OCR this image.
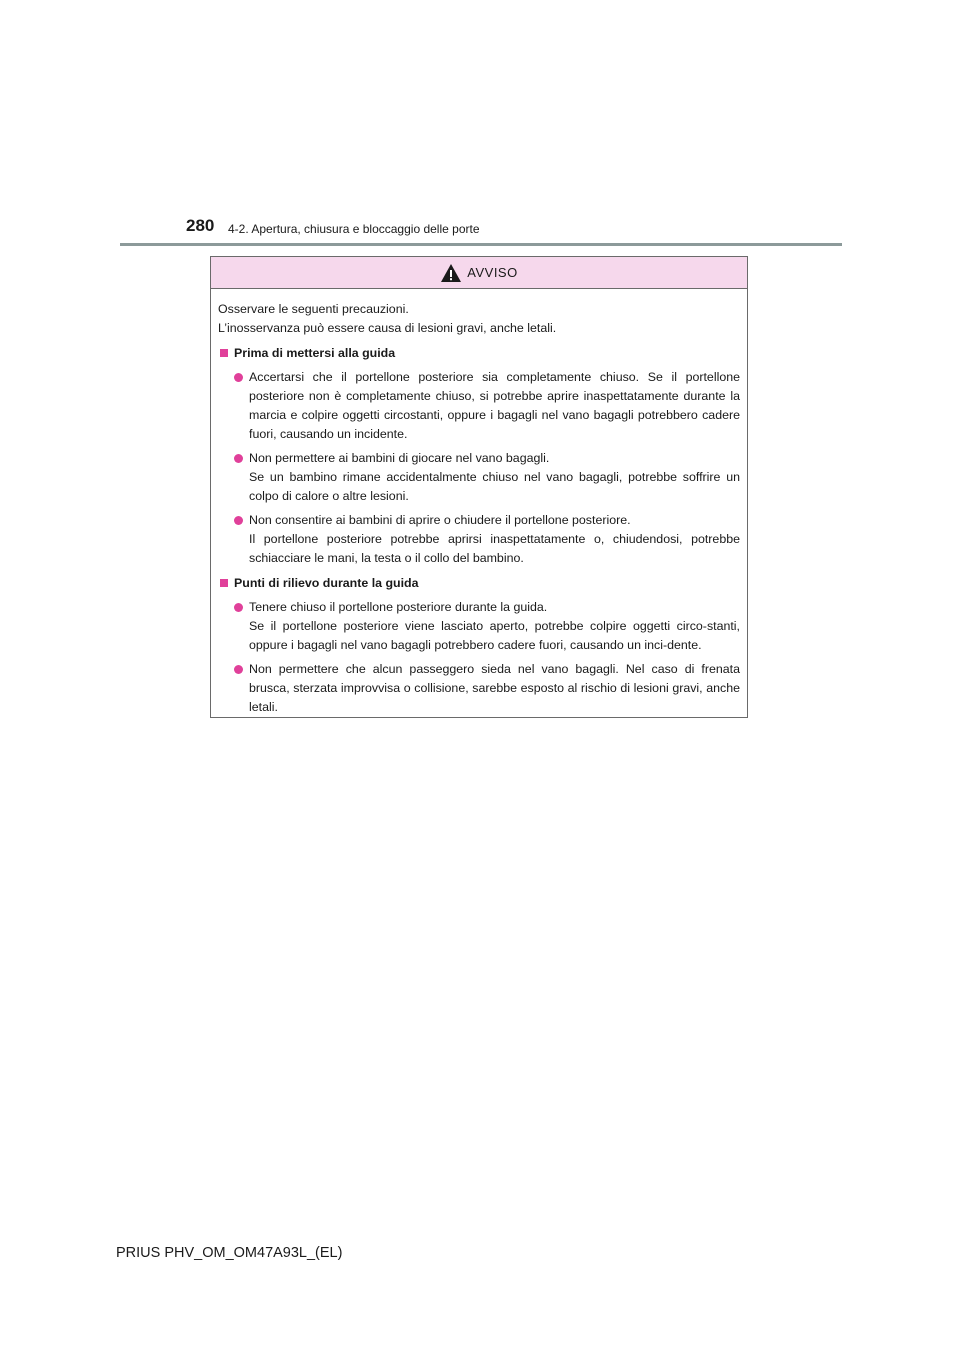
280 4-2. Apertura, chiusura e bloccaggio delle porte
AVVISO

Osservare le seguenti precauzioni.

L’inosservanza può essere causa di lesioni gravi, anche letali.

Prima di mettersi alla guida

Accertarsi che il portellone posteriore sia completamente chiuso. Se il portellone posteriore non è completamente chiuso, si potrebbe aprire inaspettatamente durante la marcia e colpire oggetti circostanti, oppure i bagagli nel vano bagagli potrebbero cadere fuori, causando un incidente.

Non permettere ai bambini di giocare nel vano bagagli.

Se un bambino rimane accidentalmente chiuso nel vano bagagli, potrebbe soffrire un colpo di calore o altre lesioni.

Non consentire ai bambini di aprire o chiudere il portellone posteriore.

Il portellone posteriore potrebbe aprirsi inaspettatamente o, chiudendosi, potrebbe schiacciare le mani, la testa o il collo del bambino.

Punti di rilievo durante la guida

Tenere chiuso il portellone posteriore durante la guida.

Se il portellone posteriore viene lasciato aperto, potrebbe colpire oggetti circo-stanti, oppure i bagagli nel vano bagagli potrebbero cadere fuori, causando un inci-dente.

Non permettere che alcun passeggero sieda nel vano bagagli. Nel caso di frenata brusca, sterzata improvvisa o collisione, sarebbe esposto al rischio di lesioni gravi, anche letali.

PRIUS PHV_OM_OM47A93L_(EL)
